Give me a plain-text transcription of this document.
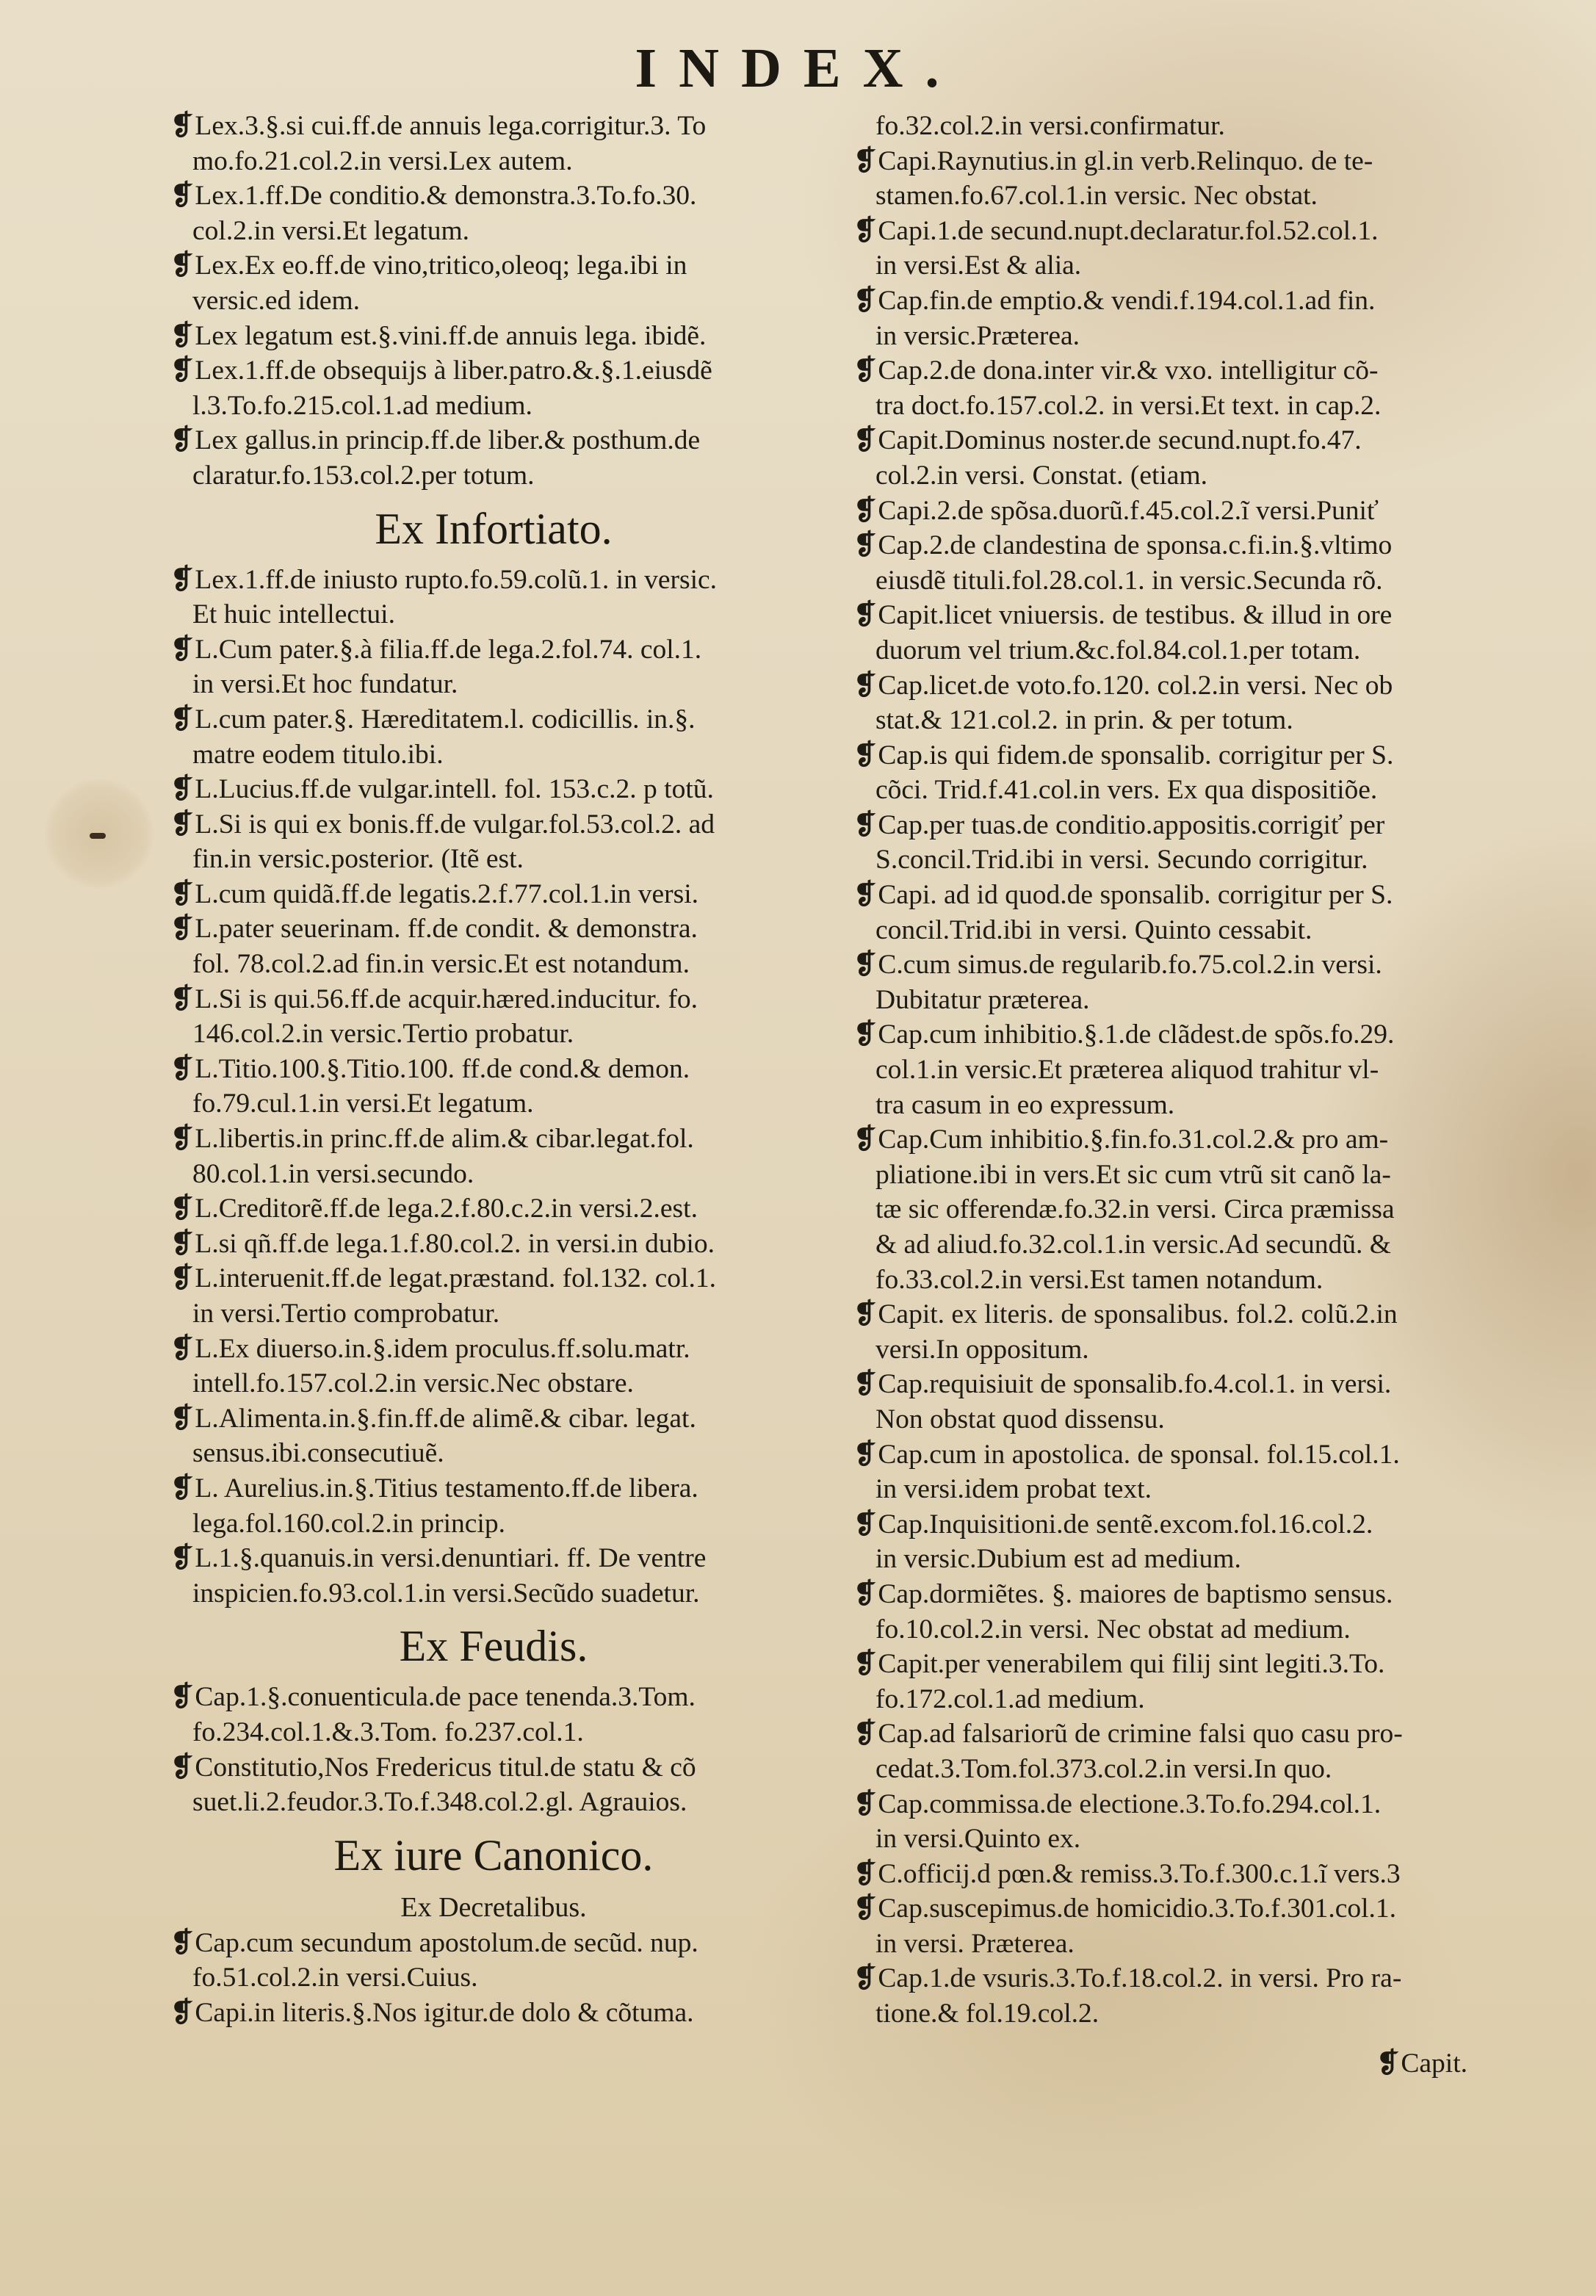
INDEX.
❡Lex.3.§.si cui.ff.de annuis lega.corrigitur.3. To
mo.fo.21.col.2.in versi.Lex autem.
❡Lex.1.ff.De conditio.& demonstra.3.To.fo.30.
col.2.in versi.Et legatum.
❡Lex.Ex eo.ff.de vino,tritico,oleoq; lega.ibi in
versic.ed idem.
❡Lex legatum est.§.vini.ff.de annuis lega. ibidẽ.
❡Lex.1.ff.de obsequijs à liber.patro.&.§.1.eiusdẽ
l.3.To.fo.215.col.1.ad medium.
❡Lex gallus.in princip.ff.de liber.& posthum.de
claratur.fo.153.col.2.per totum.
Ex Infortiato.
❡Lex.1.ff.de iniusto rupto.fo.59.colũ.1. in versic.
Et huic intellectui.
❡L.Cum pater.§.à filia.ff.de lega.2.fol.74. col.1.
in versi.Et hoc fundatur.
❡L.cum pater.§. Hæreditatem.l. codicillis. in.§.
matre eodem titulo.ibi.
❡L.Lucius.ff.de vulgar.intell. fol. 153.c.2. p totũ.
❡L.Si is qui ex bonis.ff.de vulgar.fol.53.col.2. ad
fin.in versic.posterior. (Itẽ est.
❡L.cum quidã.ff.de legatis.2.f.77.col.1.in versi.
❡L.pater seuerinam. ff.de condit. & demonstra.
fol. 78.col.2.ad fin.in versic.Et est notandum.
❡L.Si is qui.56.ff.de acquir.hæred.inducitur. fo.
146.col.2.in versic.Tertio probatur.
❡L.Titio.100.§.Titio.100. ff.de cond.& demon.
fo.79.cul.1.in versi.Et legatum.
❡L.libertis.in princ.ff.de alim.& cibar.legat.fol.
80.col.1.in versi.secundo.
❡L.Creditorẽ.ff.de lega.2.f.80.c.2.in versi.2.est.
❡L.si qñ.ff.de lega.1.f.80.col.2. in versi.in dubio.
❡L.interuenit.ff.de legat.præstand. fol.132. col.1.
in versi.Tertio comprobatur.
❡L.Ex diuerso.in.§.idem proculus.ff.solu.matr.
intell.fo.157.col.2.in versic.Nec obstare.
❡L.Alimenta.in.§.fin.ff.de alimẽ.& cibar. legat.
sensus.ibi.consecutiuẽ.
❡L. Aurelius.in.§.Titius testamento.ff.de libera.
lega.fol.160.col.2.in princip.
❡L.1.§.quanuis.in versi.denuntiari. ff. De ventre
inspicien.fo.93.col.1.in versi.Secũdo suadetur.
Ex Feudis.
❡Cap.1.§.conuenticula.de pace tenenda.3.Tom.
fo.234.col.1.&.3.Tom. fo.237.col.1.
❡Constitutio,Nos Fredericus titul.de statu & cõ
suet.li.2.feudor.3.To.f.348.col.2.gl. Agrauios.
Ex iure Canonico.
Ex Decretalibus.
❡Cap.cum secundum apostolum.de secũd. nup.
fo.51.col.2.in versi.Cuius.
❡Capi.in literis.§.Nos igitur.de dolo & cõtuma.
fo.32.col.2.in versi.confirmatur.
❡Capi.Raynutius.in gl.in verb.Relinquo. de te-
stamen.fo.67.col.1.in versic. Nec obstat.
❡Capi.1.de secund.nupt.declaratur.fol.52.col.1.
in versi.Est & alia.
❡Cap.fin.de emptio.& vendi.f.194.col.1.ad fin.
in versic.Præterea.
❡Cap.2.de dona.inter vir.& vxo. intelligitur cõ-
tra doct.fo.157.col.2. in versi.Et text. in cap.2.
❡Capit.Dominus noster.de secund.nupt.fo.47.
col.2.in versi. Constat. (etiam.
❡Capi.2.de spõsa.duorũ.f.45.col.2.ĩ versi.Puniť
❡Cap.2.de clandestina de sponsa.c.fi.in.§.vltimo
eiusdẽ tituli.fol.28.col.1. in versic.Secunda rõ.
❡Capit.licet vniuersis. de testibus. & illud in ore
duorum vel trium.&c.fol.84.col.1.per totam.
❡Cap.licet.de voto.fo.120. col.2.in versi. Nec ob
stat.& 121.col.2. in prin. & per totum.
❡Cap.is qui fidem.de sponsalib. corrigitur per S.
cõci. Trid.f.41.col.in vers. Ex qua dispositiõe.
❡Cap.per tuas.de conditio.appositis.corrigiť per
S.concil.Trid.ibi in versi. Secundo corrigitur.
❡Capi. ad id quod.de sponsalib. corrigitur per S.
concil.Trid.ibi in versi. Quinto cessabit.
❡C.cum simus.de regularib.fo.75.col.2.in versi.
Dubitatur præterea.
❡Cap.cum inhibitio.§.1.de clãdest.de spõs.fo.29.
col.1.in versic.Et præterea aliquod trahitur vl-
tra casum in eo expressum.
❡Cap.Cum inhibitio.§.fin.fo.31.col.2.& pro am-
pliatione.ibi in vers.Et sic cum vtrũ sit canõ la-
tæ sic offerendæ.fo.32.in versi. Circa præmissa
& ad aliud.fo.32.col.1.in versic.Ad secundũ. &
fo.33.col.2.in versi.Est tamen notandum.
❡Capit. ex literis. de sponsalibus. fol.2. colũ.2.in
versi.In oppositum.
❡Cap.requisiuit de sponsalib.fo.4.col.1. in versi.
Non obstat quod dissensu.
❡Cap.cum in apostolica. de sponsal. fol.15.col.1.
in versi.idem probat text.
❡Cap.Inquisitioni.de sentẽ.excom.fol.16.col.2.
in versic.Dubium est ad medium.
❡Cap.dormiẽtes. §. maiores de baptismo sensus.
fo.10.col.2.in versi. Nec obstat ad medium.
❡Capit.per venerabilem qui filij sint legiti.3.To.
fo.172.col.1.ad medium.
❡Cap.ad falsariorũ de crimine falsi quo casu pro-
cedat.3.Tom.fol.373.col.2.in versi.In quo.
❡Cap.commissa.de electione.3.To.fo.294.col.1.
in versi.Quinto ex.
❡C.officij.d pœn.& remiss.3.To.f.300.c.1.ĩ vers.3
❡Cap.suscepimus.de homicidio.3.To.f.301.col.1.
in versi. Præterea.
❡Cap.1.de vsuris.3.To.f.18.col.2. in versi. Pro ra-
tione.& fol.19.col.2.
❡Capit.
